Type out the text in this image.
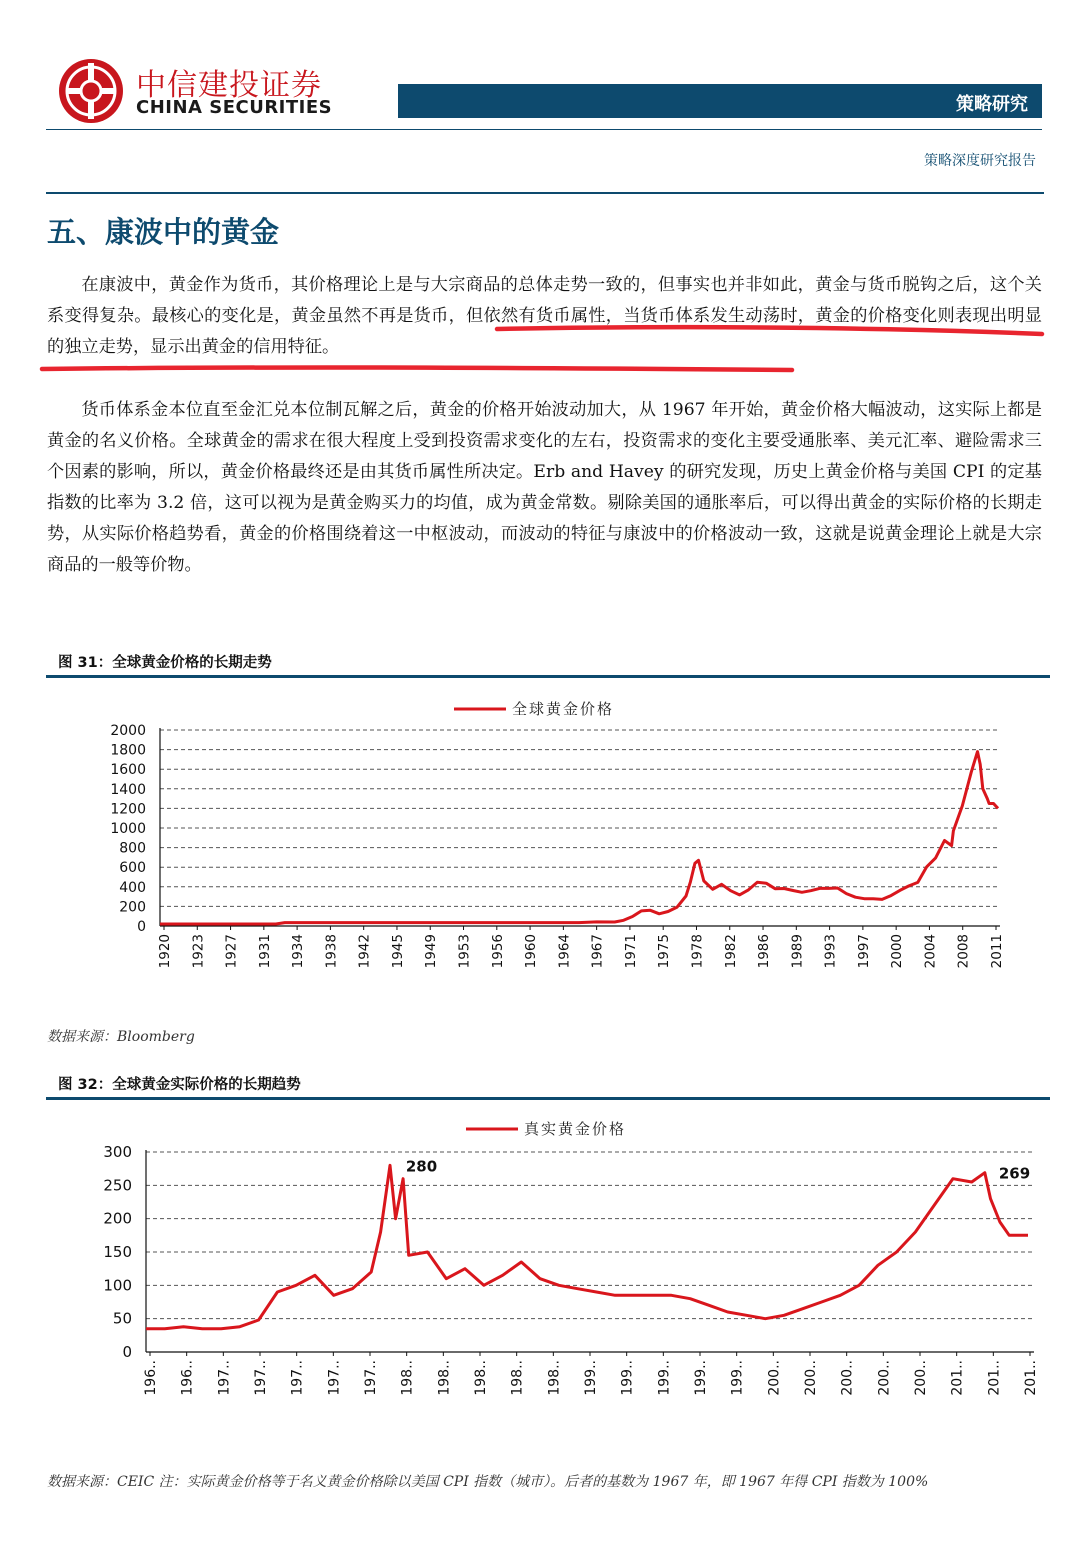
中信建投证券
CHINA SECURITIES	策略研究
策略深度研究报告
五、康波中的黄金

在康波中，黄金作为货币，其价格理论上是与大宗商品的总体走势一致的，但事实也并非如此，黄金与货币脱钩之后，这个关系变得复杂。最核心的变化是，黄金虽然不再是货币，但依然有货币属性，当货币体系发生动荡时，黄金的价格变化则表现出明显的独立走势，显示出黄金的信用特征。

货币体系金本位直至金汇兑本位制瓦解之后，黄金的价格开始波动加大，从 1967 年开始，黄金价格大幅波动，这实际上都是黄金的名义价格。全球黄金的需求在很大程度上受到投资需求变化的左右，投资需求的变化主要受通胀率、美元汇率、避险需求三个因素的影响，所以，黄金价格最终还是由其货币属性所决定。Erb and Havey 的研究发现，历史上黄金价格与美国 CPI 的定基指数的比率为 3.2 倍，这可以视为是黄金购买力的均值，成为黄金常数。剔除美国的通胀率后，可以得出黄金的实际价格的长期走势，从实际价格趋势看，黄金的价格围绕着这一中枢波动，而波动的特征与康波中的价格波动一致，这就是说黄金理论上就是大宗商品的一般等价物。

图 31：全球黄金价格的长期走势
全球黄金价格
0
200
400
600
800
1000
1200
1400
1600
1800
2000
1920 1923 1927 1931 1934 1938 1942 1945 1949 1953 1956 1960 1964 1967 1971 1975 1978 1982 1986 1989 1993 1997 2000 2004 2008 2011
数据来源：Bloomberg
图 32：全球黄金实际价格的长期趋势
真实黄金价格
0
50
100
150
200
250
300
196.. 196.. 197.. 197.. 197.. 197.. 197.. 198.. 198.. 198.. 198.. 198.. 199.. 199.. 199.. 199.. 199.. 200.. 200.. 200.. 200.. 200.. 201.. 201.. 201..
280	269
数据来源：CEIC 注：实际黄金价格等于名义黄金价格除以美国 CPI 指数（城市）。后者的基数为 1967 年，即 1967 年得 CPI 指数为 100%
